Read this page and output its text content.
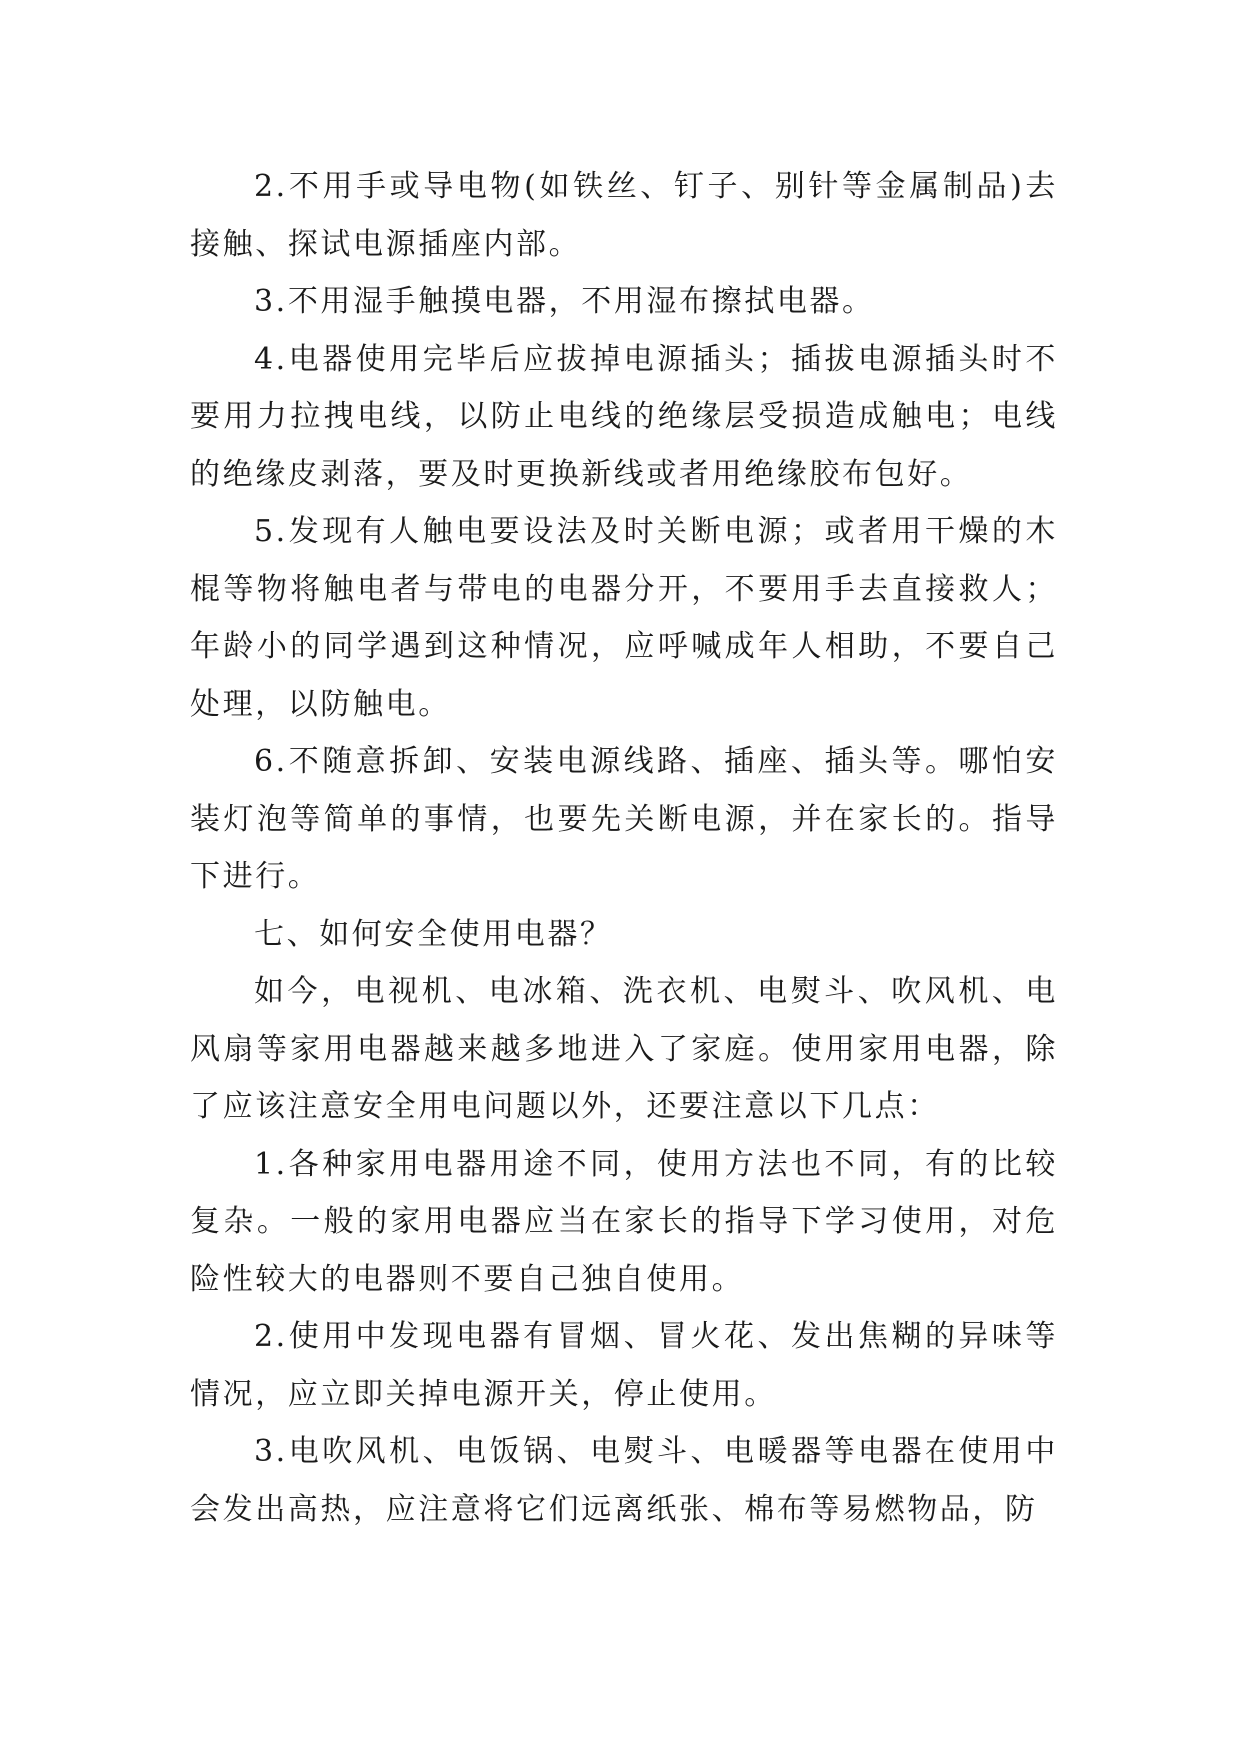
2.不用手或导电物(如铁丝、钉子、别针等金属制品)去接触、探试电源插座内部。

3.不用湿手触摸电器，不用湿布擦拭电器。

4.电器使用完毕后应拔掉电源插头；插拔电源插头时不要用力拉拽电线，以防止电线的绝缘层受损造成触电；电线的绝缘皮剥落，要及时更换新线或者用绝缘胶布包好。

5.发现有人触电要设法及时关断电源；或者用干燥的木棍等物将触电者与带电的电器分开，不要用手去直接救人；年龄小的同学遇到这种情况，应呼喊成年人相助，不要自己处理，以防触电。

6.不随意拆卸、安装电源线路、插座、插头等。哪怕安装灯泡等简单的事情，也要先关断电源，并在家长的。指导下进行。

七、如何安全使用电器？

如今，电视机、电冰箱、洗衣机、电熨斗、吹风机、电风扇等家用电器越来越多地进入了家庭。使用家用电器，除了应该注意安全用电问题以外，还要注意以下几点：

1.各种家用电器用途不同，使用方法也不同，有的比较复杂。一般的家用电器应当在家长的指导下学习使用，对危险性较大的电器则不要自己独自使用。

2.使用中发现电器有冒烟、冒火花、发出焦糊的异味等情况，应立即关掉电源开关，停止使用。

3.电吹风机、电饭锅、电熨斗、电暖器等电器在使用中会发出高热，应注意将它们远离纸张、棉布等易燃物品，防
